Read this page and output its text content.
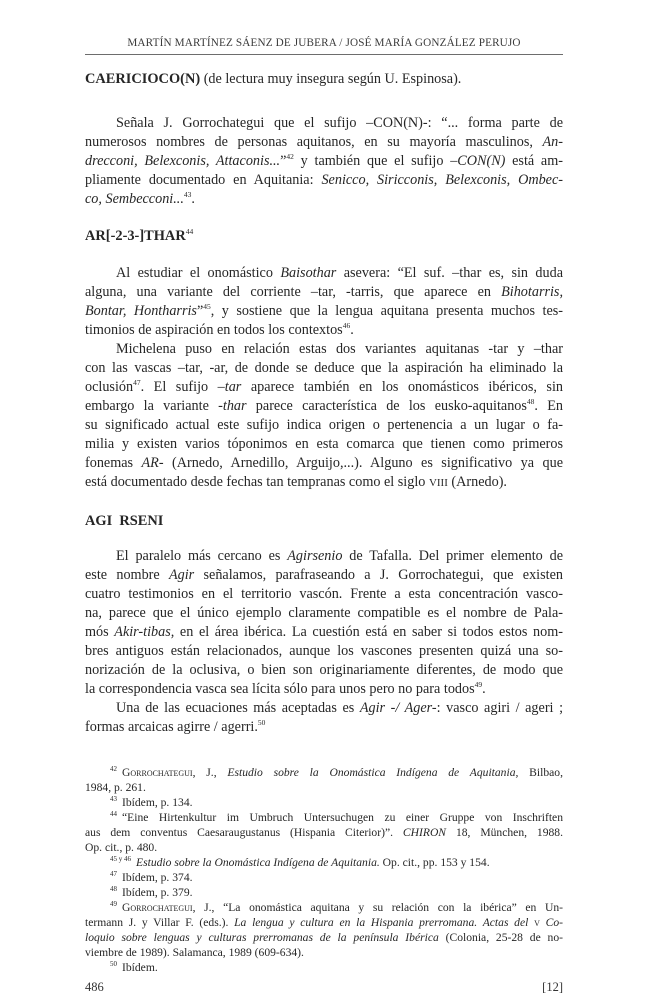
MARTÍN MARTÍNEZ SÁENZ DE JUBERA / JOSÉ MARÍA GONZÁLEZ PERUJO
CAERICIOCO(N) (de lectura muy insegura según U. Espinosa).
Señala J. Gorrochategui que el sufijo –CON(N)-: “... forma parte de
numerosos nombres de personas aquitanos, en su mayoría masculinos, An-
drecconi, Belexconis, Attaconis...”$^{42}$ y también que el sufijo –CON(N) está am-
pliamente documentado en Aquitania: Senicco, Siricconis, Belexconis, Ombec-
co, Sembecconi...$^{43}$.
AR[-2-3-]THAR$^{44}$
Al estudiar el onomástico Baisothar asevera: “El suf. –thar es, sin duda
alguna, una variante del corriente –tar, -tarris, que aparece en Bihotarris,
Bontar, Hontharris”$^{45}$, y sostiene que la lengua aquitana presenta muchos tes-
timonios de aspiración en todos los contextos$^{46}$.
Michelena puso en relación estas dos variantes aquitanas -tar y –thar
con las vascas –tar, -ar, de donde se deduce que la aspiración ha eliminado la
oclusión$^{47}$. El sufijo –tar aparece también en los onomásticos ibéricos, sin
embargo la variante -thar parece característica de los eusko-aquitanos$^{48}$. En
su significado actual este sufijo indica origen o pertenencia a un lugar o fa-
milia y existen varios tóponimos en esta comarca que tienen como primeros
fonemas AR- (Arnedo, Arnedillo, Arguijo,...). Alguno es significativo ya que
está documentado desde fechas tan tempranas como el siglo VIII (Arnedo).
AGI  RSENI
El paralelo más cercano es Agirsenio de Tafalla. Del primer elemento de
este nombre Agir señalamos, parafraseando a J. Gorrochategui, que existen
cuatro testimonios en el territorio vascón. Frente a esta concentración vasco-
na, parece que el único ejemplo claramente compatible es el nombre de Pala-
mós Akir-tibas, en el área ibérica. La cuestión está en saber si todos estos nom-
bres antiguos están relacionados, aunque los vascones presenten quizá una so-
norización de la oclusiva, o bien son originariamente diferentes, de modo que
la correspondencia vasca sea lícita sólo para unos pero no para todos$^{49}$.
Una de las ecuaciones más aceptadas es Agir -/ Ager-: vasco agiri / ageri ;
formas arcaicas agirre / agerri.$^{50}$
$^{42}$ Gorrochategui, J., Estudio sobre la Onomástica Indígena de Aquitania, Bilbao,
1984, p. 261.
$^{43}$ Ibídem, p. 134.
$^{44}$ “Eine Hirtenkultur im Umbruch Untersuchugen zu einer Gruppe von Inschriften
aus dem conventus Caesaraugustanus (Hispania Citerior)”. CHIRON 18, München, 1988.
Op. cit., p. 480.
$^{45 y 46}$ Estudio sobre la Onomástica Indígena de Aquitania. Op. cit., pp. 153 y 154.
$^{47}$ Ibídem, p. 374.
$^{48}$ Ibídem, p. 379.
$^{49}$ Gorrochategui, J., “La onomástica aquitana y su relación con la ibérica” en Un-
termann J. y Villar F. (eds.). La lengua y cultura en la Hispania prerromana. Actas del v Co-
loquio sobre lenguas y culturas prerromanas de la península Ibérica (Colonia, 25-28 de no-
viembre de 1989). Salamanca, 1989 (609-634).
$^{50}$ Ibídem.
486	[12]
